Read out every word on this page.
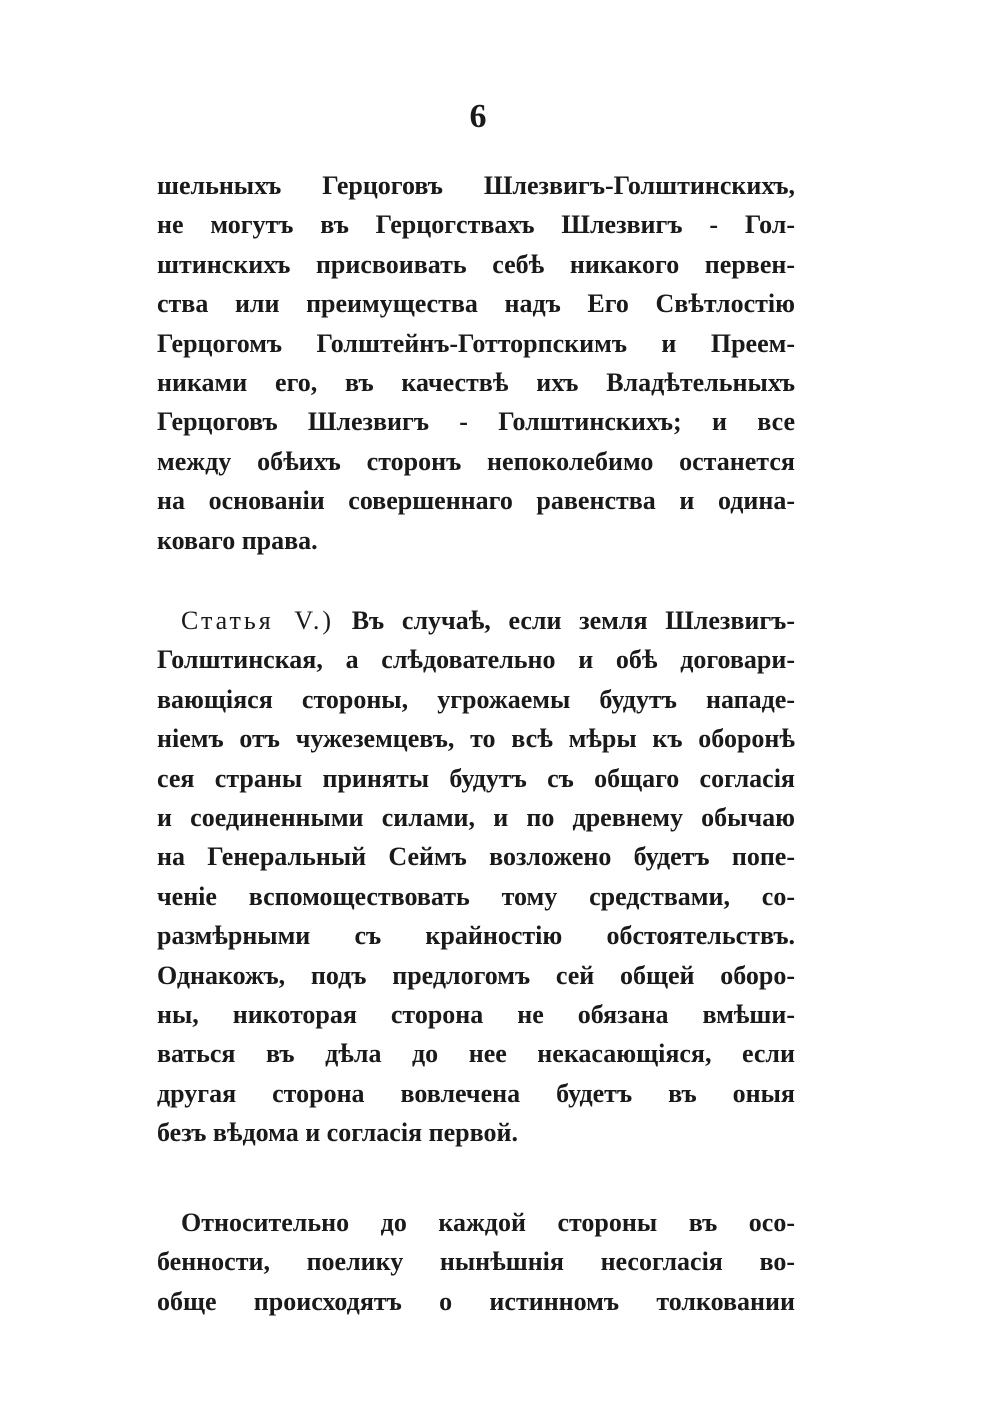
6
шельныхъ Герцоговъ Шлезвигъ-Голштинскихъ,
не могутъ въ Герцогствахъ Шлезвигъ - Гол-
штинскихъ присвоивать себѣ никакого первен-
ства или преимущества надъ Его Свѣтлостію
Герцогомъ Голштейнъ-Готторпскимъ и Преем-
никами его, въ качествѣ ихъ Владѣтельныхъ
Герцоговъ Шлезвигъ - Голштинскихъ; и все
между обѣихъ сторонъ непоколебимо останется
на основаніи совершеннаго равенства и одина-
коваго права.
Статья V.) Въ случаѣ, если земля Шлезвигъ-
Голштинская, а слѣдовательно и обѣ договари-
вающіяся стороны, угрожаемы будутъ нападе-
ніемъ отъ чужеземцевъ, то всѣ мѣры къ оборонѣ
сея страны приняты будутъ съ общаго согласія
и соединенными силами, и по древнему обычаю
на Генеральный Сеймъ возложено будетъ попе-
ченіе вспомоществовать тому средствами, со-
размѣрными съ крайностію обстоятельствъ.
Однакожъ, подъ предлогомъ сей общей оборо-
ны, никоторая сторона не обязана вмѣши-
ваться въ дѣла до нее некасающіяся, если
другая сторона вовлечена будетъ въ оныя
безъ вѣдома и согласія первой.
Относительно до каждой стороны въ осо-
бенности, поелику нынѣшнія несогласія во-
обще происходятъ о истинномъ толковании
